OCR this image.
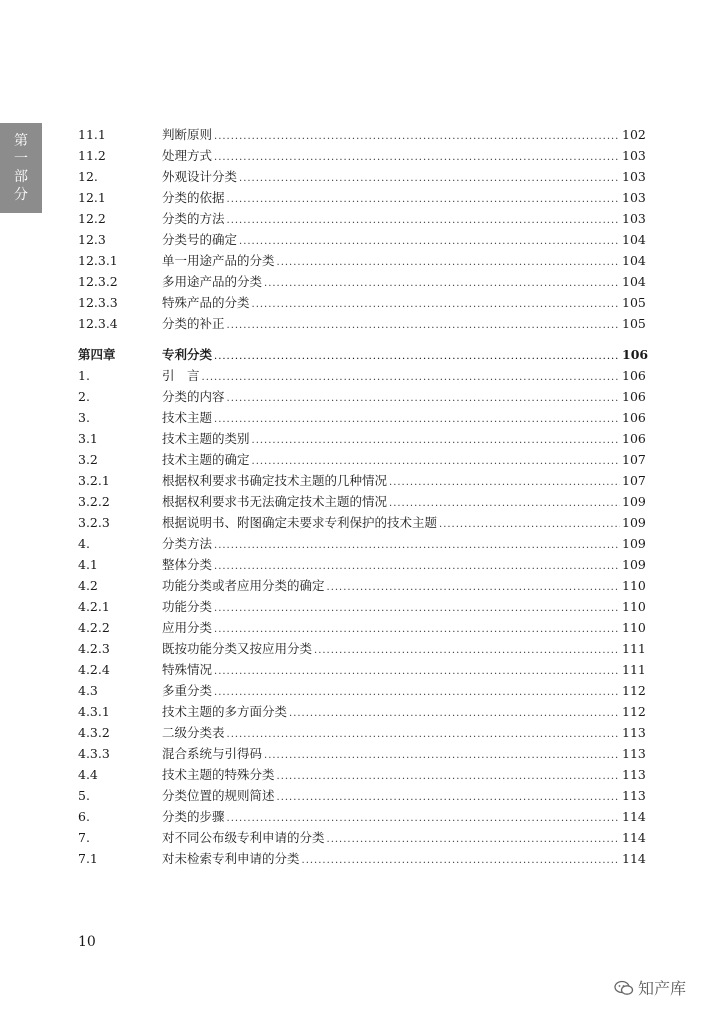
第
一
部
分
11.1	判断原则 .....	102
11.2	处理方式 .....	103
12.	外观设计分类 .....	103
12.1	分类的依据 .....	103
12.2	分类的方法 .....	103
12.3	分类号的确定 .....	104
12.3.1	单一用途产品的分类 .....	104
12.3.2	多用途产品的分类 .....	104
12.3.3	特殊产品的分类 .....	105
12.3.4	分类的补正 .....	105
第四章	专利分类 .....	106
1.	引　言 .....	106
2.	分类的内容 .....	106
3.	技术主题 .....	106
3.1	技术主题的类别 .....	106
3.2	技术主题的确定 .....	107
3.2.1	根据权利要求书确定技术主题的几种情况 .....	107
3.2.2	根据权利要求书无法确定技术主题的情况 .....	109
3.2.3	根据说明书、附图确定未要求专利保护的技术主题 .....	109
4.	分类方法 .....	109
4.1	整体分类 .....	109
4.2	功能分类或者应用分类的确定 .....	110
4.2.1	功能分类 .....	110
4.2.2	应用分类 .....	110
4.2.3	既按功能分类又按应用分类 .....	111
4.2.4	特殊情况 .....	111
4.3	多重分类 .....	112
4.3.1	技术主题的多方面分类 .....	112
4.3.2	二级分类表 .....	113
4.3.3	混合系统与引得码 .....	113
4.4	技术主题的特殊分类 .....	113
5.	分类位置的规则简述 .....	113
6.	分类的步骤 .....	114
7.	对不同公布级专利申请的分类 .....	114
7.1	对未检索专利申请的分类 .....	114
10
知产库
